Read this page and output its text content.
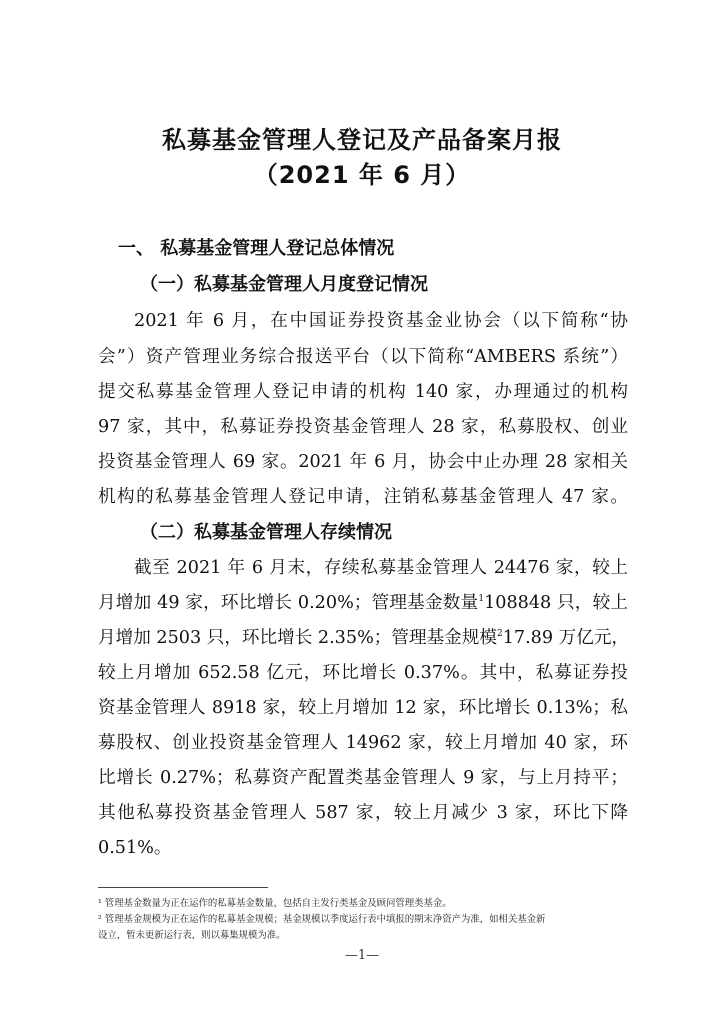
私募基金管理人登记及产品备案月报
（2021 年 6 月）
一、 私募基金管理人登记总体情况
（一）私募基金管理人月度登记情况
2021 年 6 月，在中国证券投资基金业协会（以下简称“协
会”）资产管理业务综合报送平台（以下简称“AMBERS 系统”）
提交私募基金管理人登记申请的机构 140 家，办理通过的机构
97 家，其中，私募证券投资基金管理人 28 家，私募股权、创业
投资基金管理人 69 家。2021 年 6 月，协会中止办理 28 家相关
机构的私募基金管理人登记申请，注销私募基金管理人 47 家。
（二）私募基金管理人存续情况
截至 2021 年 6 月末，存续私募基金管理人 24476 家，较上
月增加 49 家，环比增长 0.20%；管理基金数量$^1$108848 只，较上
月增加 2503 只，环比增长 2.35%；管理基金规模$^2$17.89 万亿元，
较上月增加 652.58 亿元，环比增长 0.37%。其中，私募证券投
资基金管理人 8918 家，较上月增加 12 家，环比增长 0.13%；私
募股权、创业投资基金管理人 14962 家，较上月增加 40 家，环
比增长 0.27%；私募资产配置类基金管理人 9 家，与上月持平；
其他私募投资基金管理人 587 家，较上月减少 3 家，环比下降
0.51%。
¹ 管理基金数量为正在运作的私募基金数量，包括自主发行类基金及顾问管理类基金。
² 管理基金规模为正在运作的私募基金规模；基金规模以季度运行表中填报的期末净资产为准，如相关基金新
设立，暂未更新运行表，则以募集规模为准。
—1—
